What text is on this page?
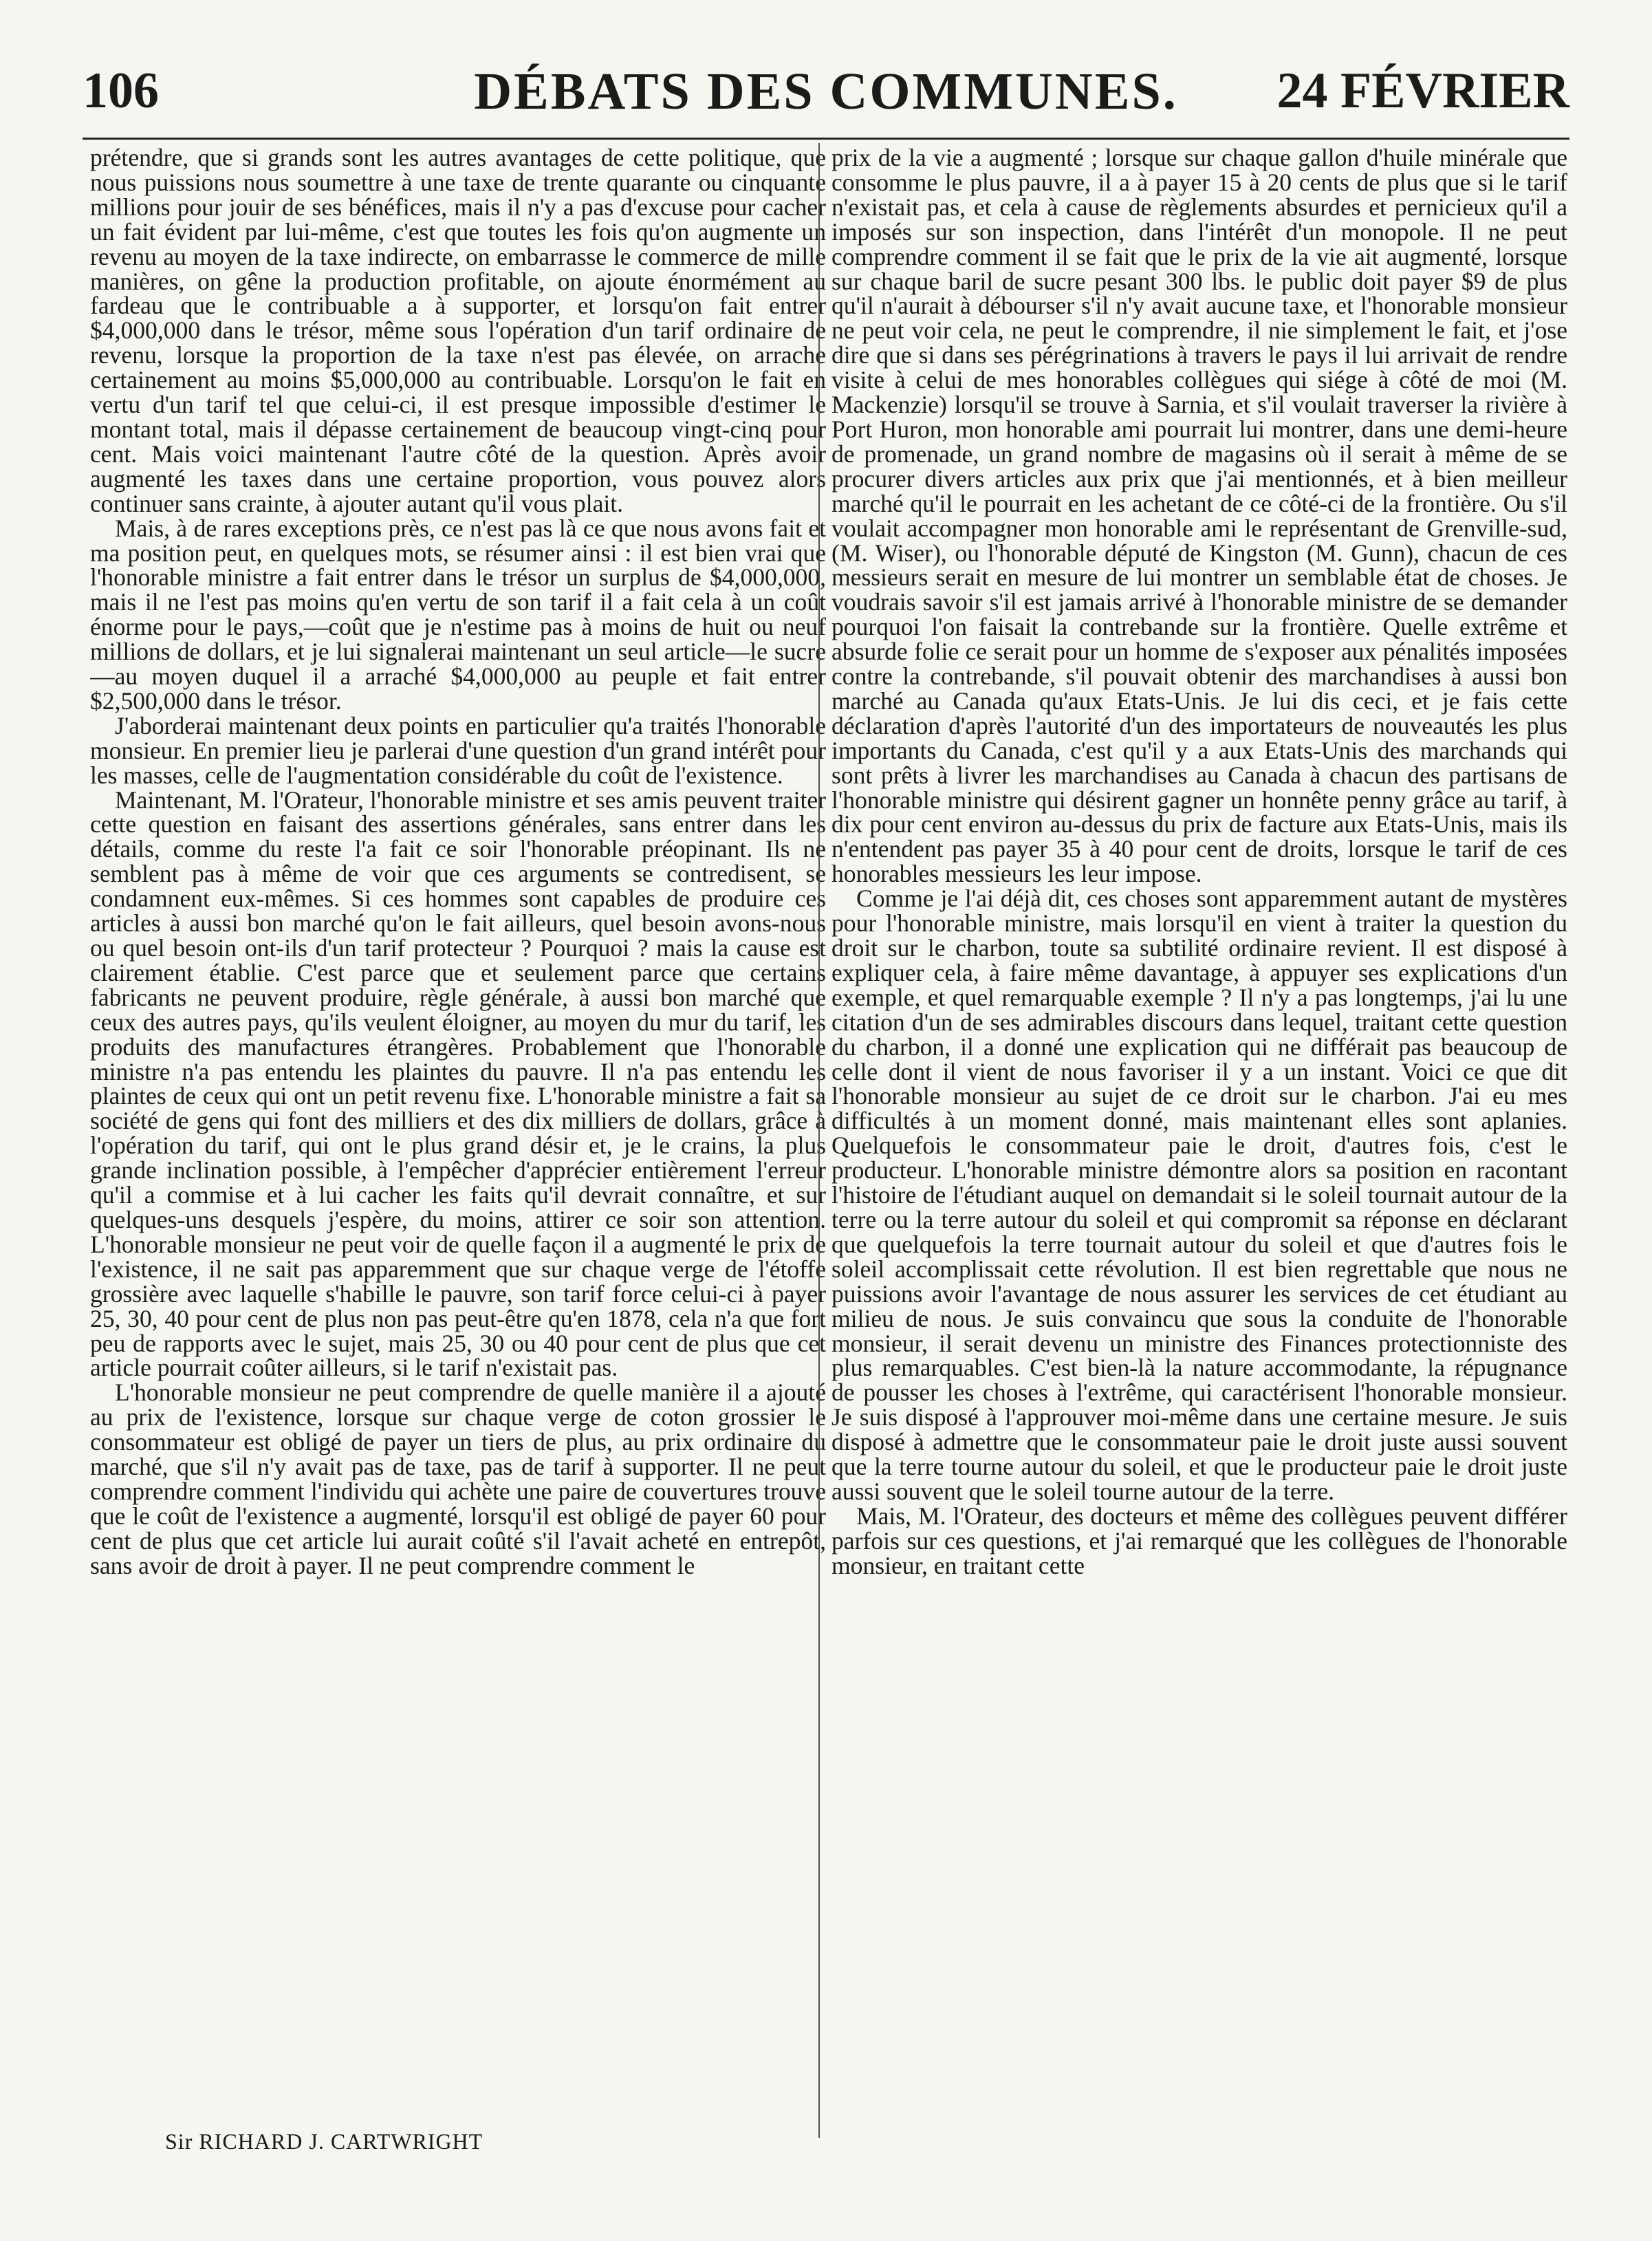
106	DÉBATS DES COMMUNES.	24 FÉVRIER

prétendre, que si grands sont les autres avantages de cette politique, que nous puissions nous soumettre à une taxe de trente quarante ou cinquante millions pour jouir de ses bénéfices, mais il n'y a pas d'excuse pour cacher un fait évident par lui-même, c'est que toutes les fois qu'on augmente un revenu au moyen de la taxe indirecte, on embarrasse le commerce de mille manières, on gêne la production profitable, on ajoute énormément au fardeau que le contribuable a à supporter, et lorsqu'on fait entrer $4,000,000 dans le trésor, même sous l'opération d'un tarif ordinaire de revenu, lorsque la proportion de la taxe n'est pas élevée, on arrache certainement au moins $5,000,000 au contribuable. Lorsqu'on le fait en vertu d'un tarif tel que celui-ci, il est presque impossible d'estimer le montant total, mais il dépasse certainement de beaucoup vingt-cinq pour cent. Mais voici maintenant l'autre côté de la question. Après avoir augmenté les taxes dans une certaine proportion, vous pouvez alors continuer sans crainte, à ajouter autant qu'il vous plait.

Mais, à de rares exceptions près, ce n'est pas là ce que nous avons fait et ma position peut, en quelques mots, se résumer ainsi : il est bien vrai que l'honorable ministre a fait entrer dans le trésor un surplus de $4,000,000, mais il ne l'est pas moins qu'en vertu de son tarif il a fait cela à un coût énorme pour le pays,—coût que je n'estime pas à moins de huit ou neuf millions de dollars, et je lui signalerai maintenant un seul article—le sucre—au moyen duquel il a arraché $4,000,000 au peuple et fait entrer $2,500,000 dans le trésor.

J'aborderai maintenant deux points en particulier qu'a traités l'honorable monsieur. En premier lieu je parlerai d'une question d'un grand intérêt pour les masses, celle de l'augmentation considérable du coût de l'existence.

Maintenant, M. l'Orateur, l'honorable ministre et ses amis peuvent traiter cette question en faisant des assertions générales, sans entrer dans les détails, comme du reste l'a fait ce soir l'honorable préopinant. Ils ne semblent pas à même de voir que ces arguments se contredisent, se condamnent eux-mêmes. Si ces hommes sont capables de produire ces articles à aussi bon marché qu'on le fait ailleurs, quel besoin avons-nous ou quel besoin ont-ils d'un tarif protecteur ? Pourquoi ? mais la cause est clairement établie. C'est parce que et seulement parce que certains fabricants ne peuvent produire, règle générale, à aussi bon marché que ceux des autres pays, qu'ils veulent éloigner, au moyen du mur du tarif, les produits des manufactures étrangères. Probablement que l'honorable ministre n'a pas entendu les plaintes du pauvre. Il n'a pas entendu les plaintes de ceux qui ont un petit revenu fixe. L'honorable ministre a fait sa société de gens qui font des milliers et des dix milliers de dollars, grâce à l'opération du tarif, qui ont le plus grand désir et, je le crains, la plus grande inclination possible, à l'empêcher d'apprécier entièrement l'erreur qu'il a commise et à lui cacher les faits qu'il devrait connaître, et sur quelques-uns desquels j'espère, du moins, attirer ce soir son attention. L'honorable monsieur ne peut voir de quelle façon il a augmenté le prix de l'existence, il ne sait pas apparemment que sur chaque verge de l'étoffe grossière avec laquelle s'habille le pauvre, son tarif force celui-ci à payer 25, 30, 40 pour cent de plus non pas peut-être qu'en 1878, cela n'a que fort peu de rapports avec le sujet, mais 25, 30 ou 40 pour cent de plus que cet article pourrait coûter ailleurs, si le tarif n'existait pas.

L'honorable monsieur ne peut comprendre de quelle manière il a ajouté au prix de l'existence, lorsque sur chaque verge de coton grossier le consommateur est obligé de payer un tiers de plus, au prix ordinaire du marché, que s'il n'y avait pas de taxe, pas de tarif à supporter. Il ne peut comprendre comment l'individu qui achète une paire de couvertures trouve que le coût de l'existence a augmenté, lorsqu'il est obligé de payer 60 pour cent de plus que cet article lui aurait coûté s'il l'avait acheté en entrepôt, sans avoir de droit à payer. Il ne peut comprendre comment le

prix de la vie a augmenté ; lorsque sur chaque gallon d'huile minérale que consomme le plus pauvre, il a à payer 15 à 20 cents de plus que si le tarif n'existait pas, et cela à cause de règlements absurdes et pernicieux qu'il a imposés sur son inspection, dans l'intérêt d'un monopole. Il ne peut comprendre comment il se fait que le prix de la vie ait augmenté, lorsque sur chaque baril de sucre pesant 300 lbs. le public doit payer $9 de plus qu'il n'aurait à débourser s'il n'y avait aucune taxe, et l'honorable monsieur ne peut voir cela, ne peut le comprendre, il nie simplement le fait, et j'ose dire que si dans ses pérégrinations à travers le pays il lui arrivait de rendre visite à celui de mes honorables collègues qui siége à côté de moi (M. Mackenzie) lorsqu'il se trouve à Sarnia, et s'il voulait traverser la rivière à Port Huron, mon honorable ami pourrait lui montrer, dans une demi-heure de promenade, un grand nombre de magasins où il serait à même de se procurer divers articles aux prix que j'ai mentionnés, et à bien meilleur marché qu'il le pourrait en les achetant de ce côté-ci de la frontière. Ou s'il voulait accompagner mon honorable ami le représentant de Grenville-sud, (M. Wiser), ou l'honorable député de Kingston (M. Gunn), chacun de ces messieurs serait en mesure de lui montrer un semblable état de choses. Je voudrais savoir s'il est jamais arrivé à l'honorable ministre de se demander pourquoi l'on faisait la contrebande sur la frontière. Quelle extrême et absurde folie ce serait pour un homme de s'exposer aux pénalités imposées contre la contrebande, s'il pouvait obtenir des marchandises à aussi bon marché au Canada qu'aux Etats-Unis. Je lui dis ceci, et je fais cette déclaration d'après l'autorité d'un des importateurs de nouveautés les plus importants du Canada, c'est qu'il y a aux Etats-Unis des marchands qui sont prêts à livrer les marchandises au Canada à chacun des partisans de l'honorable ministre qui désirent gagner un honnête penny grâce au tarif, à dix pour cent environ au-dessus du prix de facture aux Etats-Unis, mais ils n'entendent pas payer 35 à 40 pour cent de droits, lorsque le tarif de ces honorables messieurs les leur impose.

Comme je l'ai déjà dit, ces choses sont apparemment autant de mystères pour l'honorable ministre, mais lorsqu'il en vient à traiter la question du droit sur le charbon, toute sa subtilité ordinaire revient. Il est disposé à expliquer cela, à faire même davantage, à appuyer ses explications d'un exemple, et quel remarquable exemple ? Il n'y a pas longtemps, j'ai lu une citation d'un de ses admirables discours dans lequel, traitant cette question du charbon, il a donné une explication qui ne différait pas beaucoup de celle dont il vient de nous favoriser il y a un instant. Voici ce que dit l'honorable monsieur au sujet de ce droit sur le charbon. J'ai eu mes difficultés à un moment donné, mais maintenant elles sont aplanies. Quelquefois le consommateur paie le droit, d'autres fois, c'est le producteur. L'honorable ministre démontre alors sa position en racontant l'histoire de l'étudiant auquel on demandait si le soleil tournait autour de la terre ou la terre autour du soleil et qui compromit sa réponse en déclarant que quelquefois la terre tournait autour du soleil et que d'autres fois le soleil accomplissait cette révolution. Il est bien regrettable que nous ne puissions avoir l'avantage de nous assurer les services de cet étudiant au milieu de nous. Je suis convaincu que sous la conduite de l'honorable monsieur, il serait devenu un ministre des Finances protectionniste des plus remarquables. C'est bien-là la nature accommodante, la répugnance de pousser les choses à l'extrême, qui caractérisent l'honorable monsieur. Je suis disposé à l'approuver moi-même dans une certaine mesure. Je suis disposé à admettre que le consommateur paie le droit juste aussi souvent que la terre tourne autour du soleil, et que le producteur paie le droit juste aussi souvent que le soleil tourne autour de la terre.

Mais, M. l'Orateur, des docteurs et même des collègues peuvent différer parfois sur ces questions, et j'ai remarqué que les collègues de l'honorable monsieur, en traitant cette

Sir RICHARD J. CARTWRIGHT
